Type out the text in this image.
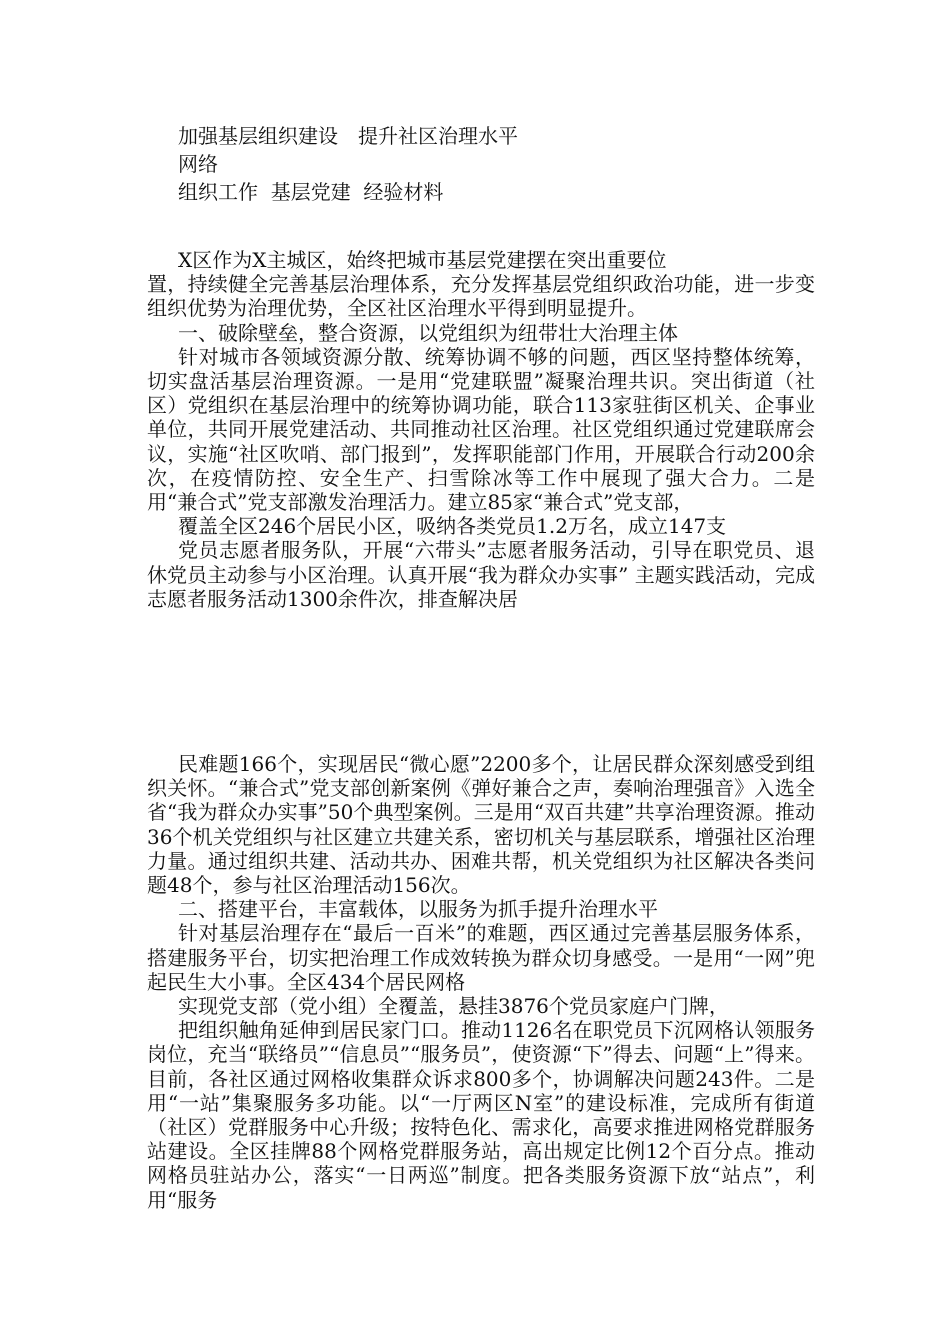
加强基层组织建设　提升社区治理水平
网络
组织工作  基层党建  经验材料

X区作为X主城区，始终把城市基层党建摆在突出重要位

置，持续健全完善基层治理体系，充分发挥基层党组织政治功能，进一步变组织优势为治理优势，全区社区治理水平得到明显提升。

一、破除壁垒，整合资源，以党组织为纽带壮大治理主体

针对城市各领域资源分散、统筹协调不够的问题，西区坚持整体统筹，切实盘活基层治理资源。一是用“党建联盟”凝聚治理共识。突出街道（社区）党组织在基层治理中的统筹协调功能，联合113家驻街区机关、企事业单位，共同开展党建活动、共同推动社区治理。社区党组织通过党建联席会议，实施“社区吹哨、部门报到”，发挥职能部门作用，开展联合行动200余次，在疫情防控、安全生产、扫雪除冰等工作中展现了强大合力。二是用“兼合式”党支部激发治理活力。建立85家“兼合式”党支部，

覆盖全区246个居民小区，吸纳各类党员1.2万名，成立147支

党员志愿者服务队，开展“六带头”志愿者服务活动，引导在职党员、退休党员主动参与小区治理。认真开展“我为群众办实事” 主题实践活动，完成志愿者服务活动1300余件次，排查解决居

民难题166个，实现居民“微心愿”2200多个，让居民群众深刻感受到组织关怀。“兼合式”党支部创新案例《弹好兼合之声，奏响治理强音》入选全省“我为群众办实事”50个典型案例。三是用“双百共建”共享治理资源。推动36个机关党组织与社区建立共建关系，密切机关与基层联系，增强社区治理力量。通过组织共建、活动共办、困难共帮，机关党组织为社区解决各类问题48个，参与社区治理活动156次。

二、搭建平台，丰富载体，以服务为抓手提升治理水平

针对基层治理存在“最后一百米”的难题，西区通过完善基层服务体系，搭建服务平台，切实把治理工作成效转换为群众切身感受。一是用“一网”兜起民生大小事。全区434个居民网格

实现党支部（党小组）全覆盖，悬挂3876个党员家庭户门牌，

把组织触角延伸到居民家门口。推动1126名在职党员下沉网格认领服务岗位，充当“联络员”“信息员”“服务员”，使资源“下”得去、问题“上”得来。目前，各社区通过网格收集群众诉求800多个，协调解决问题243件。二是用“一站”集聚服务多功能。以“一厅两区N室”的建设标准，完成所有街道（社区）党群服务中心升级；按特色化、需求化，高要求推进网格党群服务站建设。全区挂牌88个网格党群服务站，高出规定比例12个百分点。推动网格员驻站办公，落实“一日两巡”制度。把各类服务资源下放“站点”，利用“服务
